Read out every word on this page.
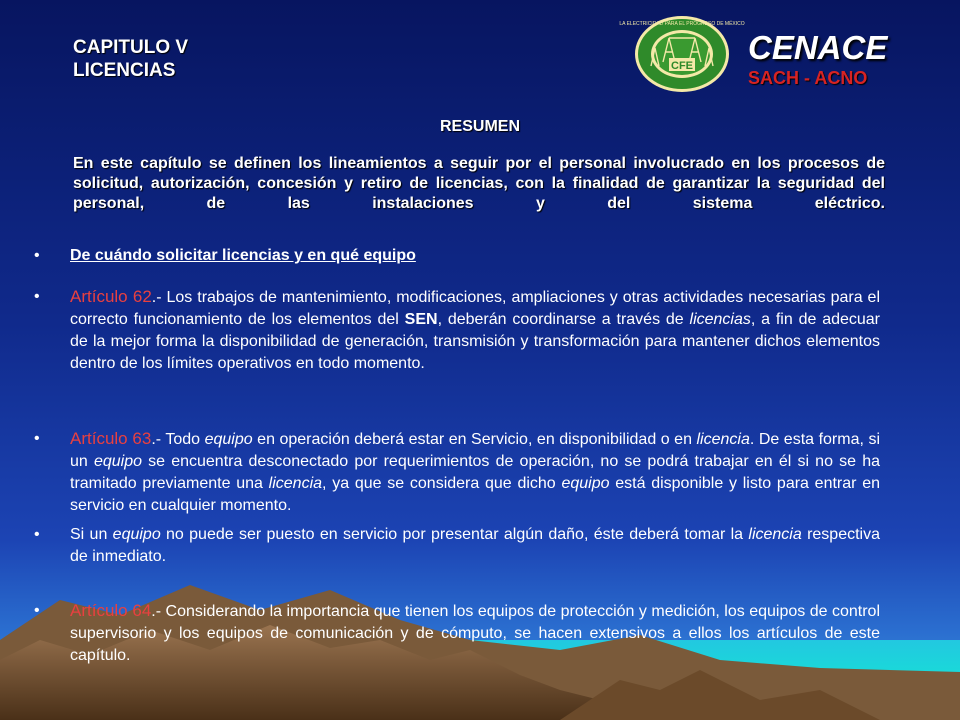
CAPITULO V
LICENCIAS	CFE
LA ELECTRICIDAD PARA EL PROGRESO DE MÉXICO
CENACE
SACH - ACNO
RESUMEN
En este capítulo se definen los lineamientos a seguir por el personal involucrado en los procesos de solicitud, autorización, concesión y retiro de licencias, con la finalidad de garantizar la seguridad del personal, de las instalaciones y del sistema eléctrico.
• De cuándo solicitar licencias y en qué equipo
• Artículo 62.- Los trabajos de mantenimiento, modificaciones, ampliaciones y otras actividades necesarias para el correcto funcionamiento de los elementos del SEN, deberán coordinarse a través de licencias, a fin de adecuar de la mejor forma la disponibilidad de generación, transmisión y transformación para mantener dichos elementos dentro de los límites operativos en todo momento.
• Artículo 63.- Todo equipo en operación deberá estar en Servicio, en disponibilidad o en licencia. De esta forma, si un equipo se encuentra desconectado por requerimientos de operación, no se podrá trabajar en él si no se ha tramitado previamente una licencia, ya que se considera que dicho equipo está disponible y listo para entrar en servicio en cualquier momento.
• Si un equipo no puede ser puesto en servicio por presentar algún daño, éste deberá tomar la licencia respectiva de inmediato.
• Artículo 64.- Considerando la importancia que tienen los equipos de protección y medición, los equipos de control supervisorio y los equipos de comunicación y de cómputo, se hacen extensivos a ellos los artículos de este capítulo.
